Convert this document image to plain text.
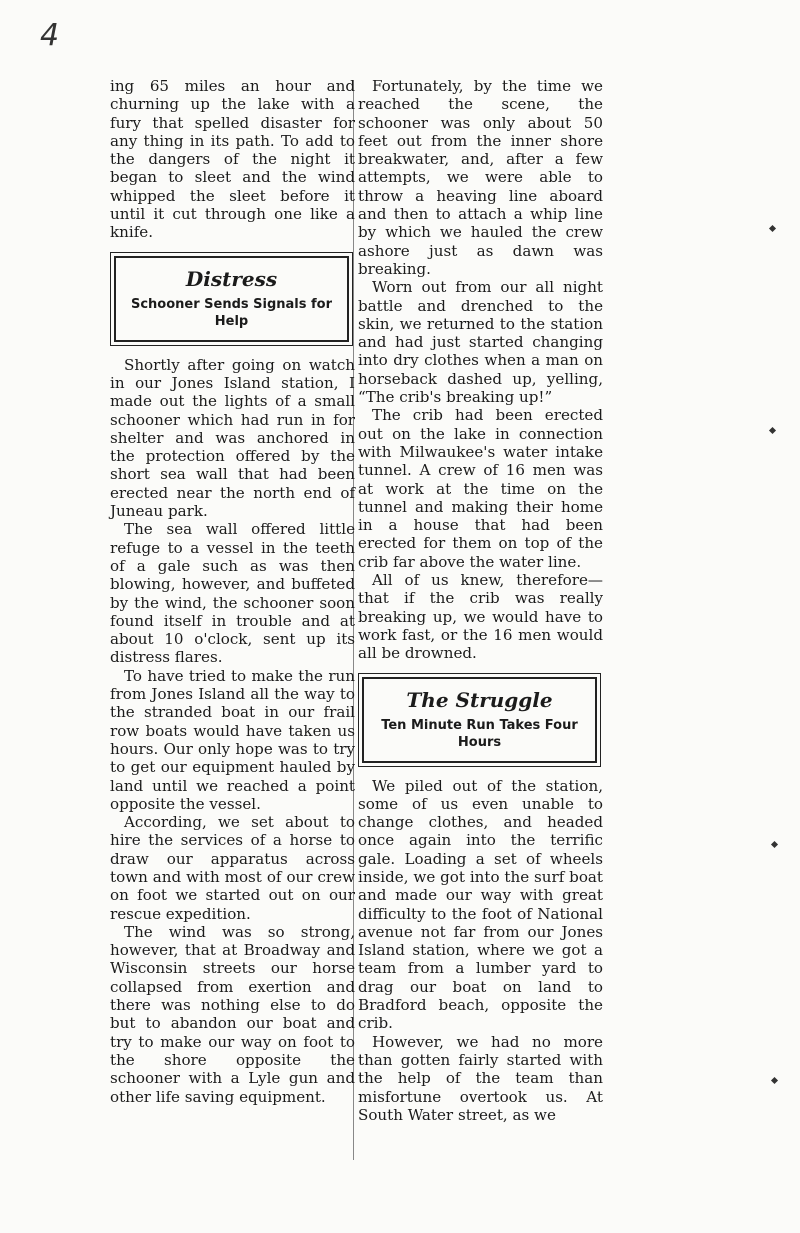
4

ing 65 miles an hour and churning up the lake with a fury that spelled disaster for any thing in its path. To add to the dangers of the night it began to sleet and the wind whipped the sleet before it until it cut through one like a knife.

Distress

Schooner Sends Signals for Help

Shortly after going on watch in our Jones Island station, I made out the lights of a small schooner which had run in for shelter and was anchored in the protection offered by the short sea wall that had been erected near the north end of Juneau park.

The sea wall offered little refuge to a vessel in the teeth of a gale such as was then blowing, however, and buffeted by the wind, the schooner soon found itself in trouble and at about 10 o'clock, sent up its distress flares.

To have tried to make the run from Jones Island all the way to the stranded boat in our frail row boats would have taken us hours. Our only hope was to try to get our equipment hauled by land until we reached a point opposite the vessel.

According, we set about to hire the services of a horse to draw our apparatus across town and with most of our crew on foot we started out on our rescue expedition.

The wind was so strong, however, that at Broadway and Wisconsin streets our horse collapsed from exertion and there was nothing else to do but to abandon our boat and try to make our way on foot to the shore opposite the schooner with a Lyle gun and other life saving equipment.

Fortunately, by the time we reached the scene, the schooner was only about 50 feet out from the inner shore breakwater, and, after a few attempts, we were able to throw a heaving line aboard and then to attach a whip line by which we hauled the crew ashore just as dawn was breaking.

Worn out from our all night battle and drenched to the skin, we returned to the station and had just started changing into dry clothes when a man on horseback dashed up, yelling, “The crib's breaking up!”

The crib had been erected out on the lake in connection with Milwaukee's water intake tunnel. A crew of 16 men was at work at the time on the tunnel and making their home in a house that had been erected for them on top of the crib far above the water line.

All of us knew, therefore—that if the crib was really breaking up, we would have to work fast, or the 16 men would all be drowned.

The Struggle

Ten Minute Run Takes Four Hours

We piled out of the station, some of us even unable to change clothes, and headed once again into the terrific gale. Loading a set of wheels inside, we got into the surf boat and made our way with great difficulty to the foot of National avenue not far from our Jones Island station, where we got a team from a lumber yard to drag our boat on land to Bradford beach, opposite the crib.

However, we had no more than gotten fairly started with the help of the team than misfortune overtook us. At South Water street, as we
